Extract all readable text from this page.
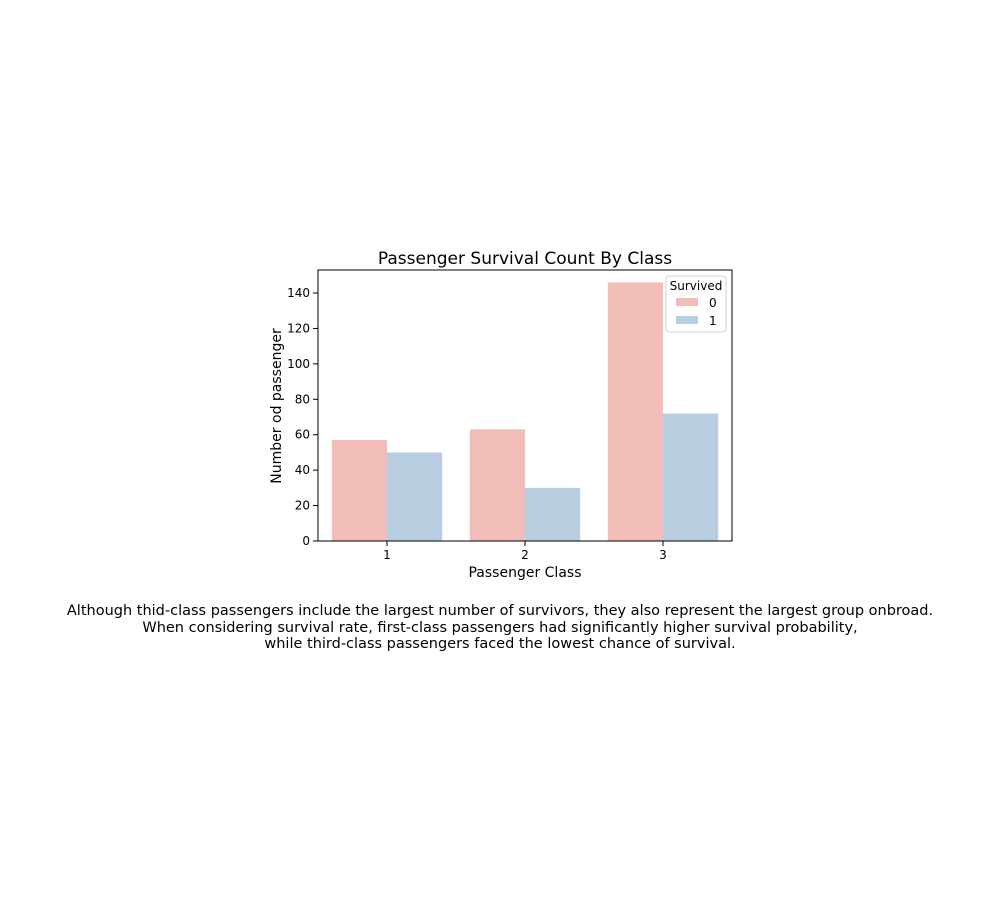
Passenger Survival Count By Class
0
20
40
60
80
100
120
140
1	2	3
Passenger Class
Number od passenger
Survived
0
1
Although thid-class passengers include the largest number of survivors, they also represent the largest group onbroad.
When considering survival rate, first-class passengers had significantly higher survival probability,
while third-class passengers faced the lowest chance of survival.
